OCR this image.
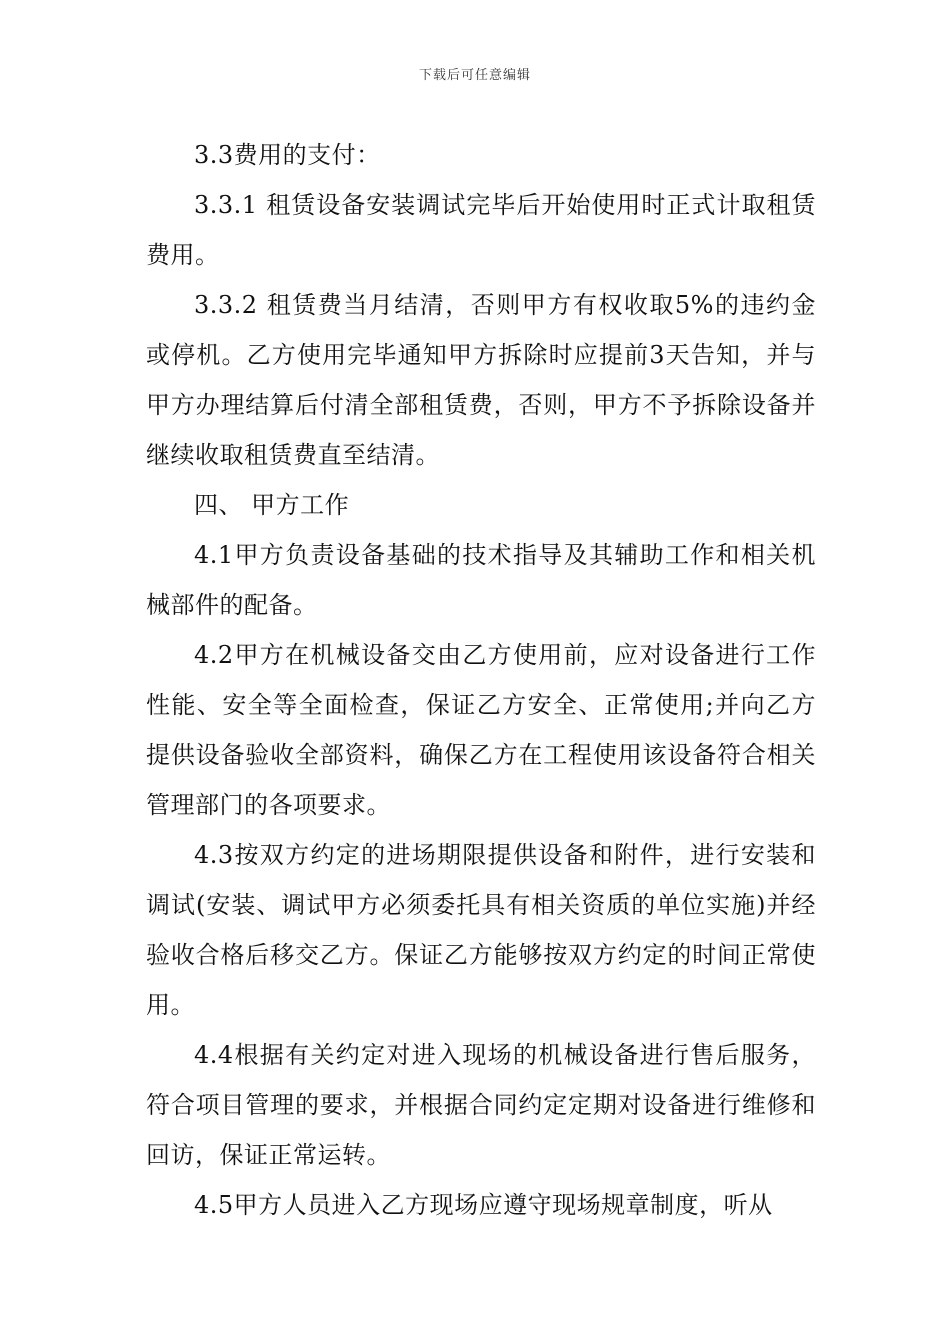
下载后可任意编辑

3.3费用的支付：

3.3.1 租赁设备安装调试完毕后开始使用时正式计取租赁费用。

3.3.2 租赁费当月结清，否则甲方有权收取5%的违约金或停机。乙方使用完毕通知甲方拆除时应提前3天告知，并与甲方办理结算后付清全部租赁费，否则，甲方不予拆除设备并继续收取租赁费直至结清。

四、 甲方工作

4.1甲方负责设备基础的技术指导及其辅助工作和相关机械部件的配备。

4.2甲方在机械设备交由乙方使用前，应对设备进行工作性能、安全等全面检查，保证乙方安全、正常使用;并向乙方提供设备验收全部资料，确保乙方在工程使用该设备符合相关管理部门的各项要求。

4.3按双方约定的进场期限提供设备和附件，进行安装和调试(安装、调试甲方必须委托具有相关资质的单位实施)并经验收合格后移交乙方。保证乙方能够按双方约定的时间正常使用。

4.4根据有关约定对进入现场的机械设备进行售后服务，符合项目管理的要求，并根据合同约定定期对设备进行维修和回访，保证正常运转。

4.5甲方人员进入乙方现场应遵守现场规章制度，听从
